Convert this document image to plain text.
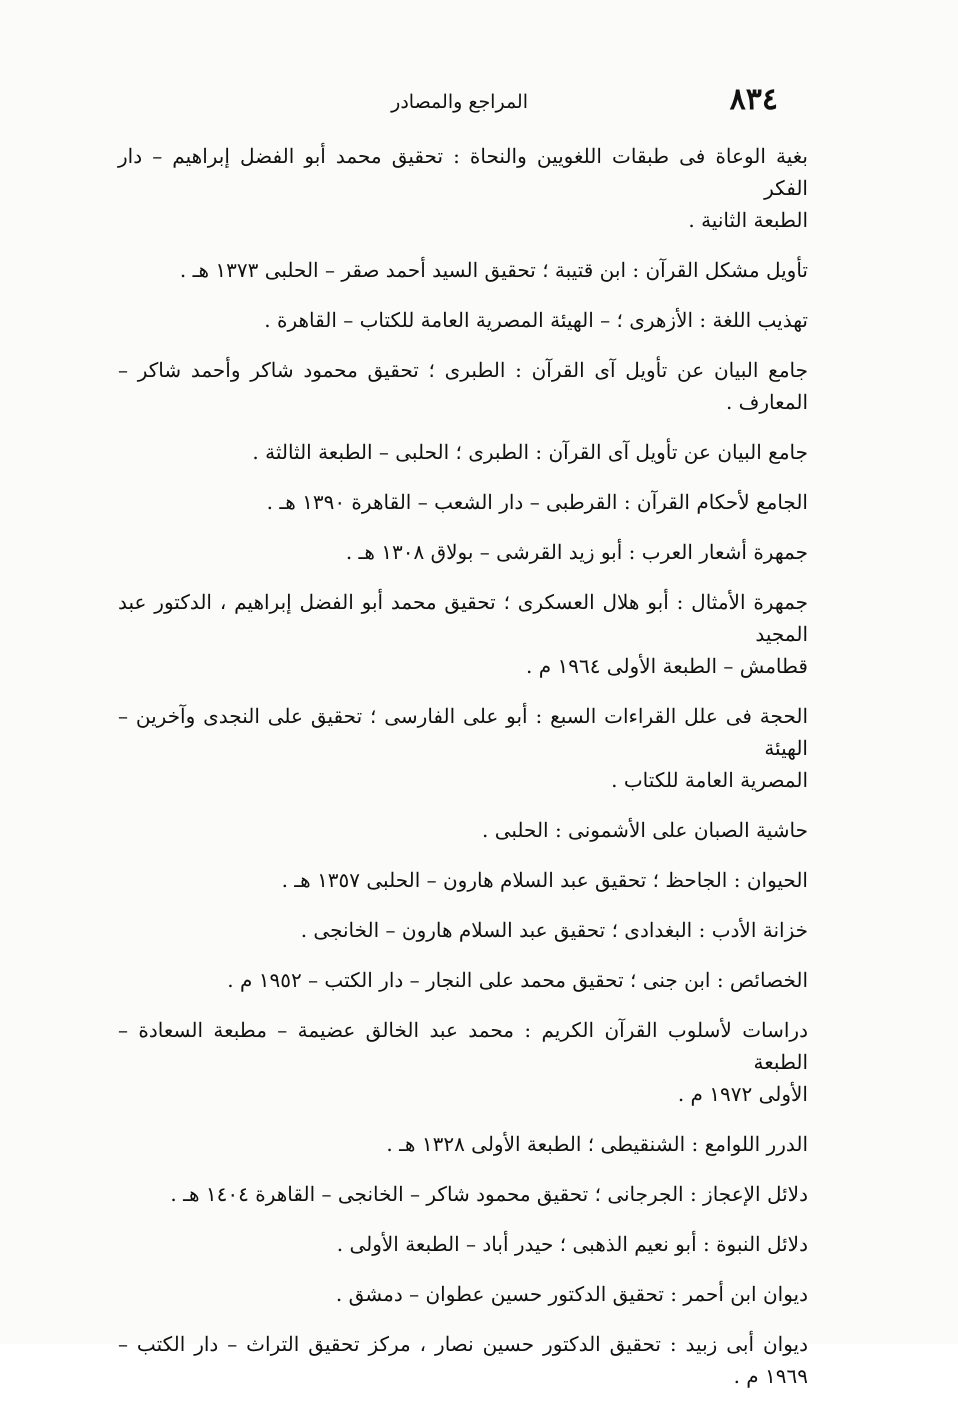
٨٣٤
المراجع والمصادر
بغية الوعاة فى طبقات اللغويين والنحاة : تحقيق محمد أبو الفضل إبراهيم – دار الفكر
الطبعة الثانية .
تأويل مشكل القرآن : ابن قتيبة ؛ تحقيق السيد أحمد صقر – الحلبى ١٣٧٣ هـ .
تهذيب اللغة : الأزهرى ؛ – الهيئة المصرية العامة للكتاب – القاهرة .
جامع البيان عن تأويل آى القرآن : الطبرى ؛ تحقيق محمود شاكر وأحمد شاكر – المعارف .
جامع البيان عن تأويل آى القرآن : الطبرى ؛ الحلبى – الطبعة الثالثة .
الجامع لأحكام القرآن : القرطبى – دار الشعب – القاهرة ١٣٩٠ هـ .
جمهرة أشعار العرب : أبو زيد القرشى – بولاق ١٣٠٨ هـ .
جمهرة الأمثال : أبو هلال العسكرى ؛ تحقيق محمد أبو الفضل إبراهيم ، الدكتور عبد المجيد
قطامش – الطبعة الأولى ١٩٦٤ م .
الحجة فى علل القراءات السبع : أبو على الفارسى ؛ تحقيق على النجدى وآخرين – الهيئة
المصرية العامة للكتاب .
حاشية الصبان على الأشمونى : الحلبى .
الحيوان : الجاحظ ؛ تحقيق عبد السلام هارون – الحلبى ١٣٥٧ هـ .
خزانة الأدب : البغدادى ؛ تحقيق عبد السلام هارون – الخانجى .
الخصائص : ابن جنى ؛ تحقيق محمد على النجار – دار الكتب – ١٩٥٢ م .
دراسات لأسلوب القرآن الكريم : محمد عبد الخالق عضيمة – مطبعة السعادة – الطبعة
الأولى ١٩٧٢ م .
الدرر اللوامع : الشنقيطى ؛ الطبعة الأولى ١٣٢٨ هـ .
دلائل الإعجاز : الجرجانى ؛ تحقيق محمود شاكر – الخانجى – القاهرة ١٤٠٤ هـ .
دلائل النبوة : أبو نعيم الذهبى ؛ حيدر أباد – الطبعة الأولى .
ديوان ابن أحمر : تحقيق الدكتور حسين عطوان – دمشق .
ديوان أبى زبيد : تحقيق الدكتور حسين نصار ، مركز تحقيق التراث – دار الكتب – ١٩٦٩ م .
